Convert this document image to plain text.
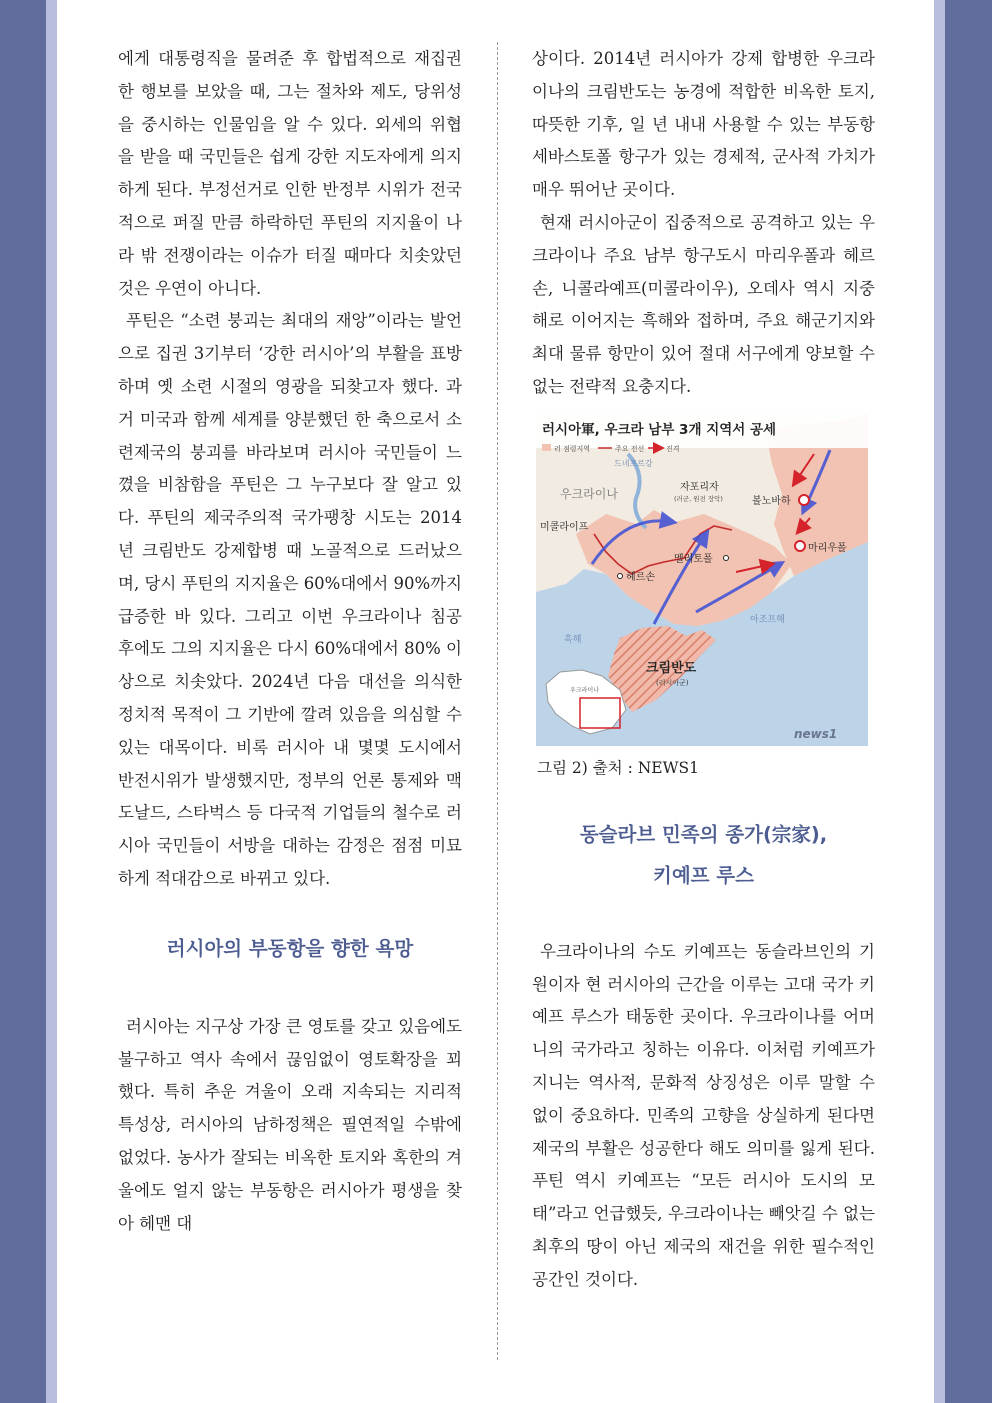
에게 대통령직을 물려준 후 합법적으로 재집권한 행보를 보았을 때, 그는 절차와 제도, 당위성을 중시하는 인물임을 알 수 있다. 외세의 위협을 받을 때 국민들은 쉽게 강한 지도자에게 의지하게 된다. 부정선거로 인한 반정부 시위가 전국적으로 퍼질 만큼 하락하던 푸틴의 지지율이 나라 밖 전쟁이라는 이슈가 터질 때마다 치솟았던 것은 우연이 아니다.

푸틴은 “소련 붕괴는 최대의 재앙”이라는 발언으로 집권 3기부터 ‘강한 러시아’의 부활을 표방하며 옛 소련 시절의 영광을 되찾고자 했다. 과거 미국과 함께 세계를 양분했던 한 축으로서 소련제국의 붕괴를 바라보며 러시아 국민들이 느꼈을 비참함을 푸틴은 그 누구보다 잘 알고 있다. 푸틴의 제국주의적 국가팽창 시도는 2014년 크림반도 강제합병 때 노골적으로 드러났으며, 당시 푸틴의 지지율은 60%대에서 90%까지 급증한 바 있다. 그리고 이번 우크라이나 침공 후에도 그의 지지율은 다시 60%대에서 80% 이상으로 치솟았다. 2024년 다음 대선을 의식한 정치적 목적이 그 기반에 깔려 있음을 의심할 수 있는 대목이다. 비록 러시아 내 몇몇 도시에서 반전시위가 발생했지만, 정부의 언론 통제와 맥도날드, 스타벅스 등 다국적 기업들의 철수로 러시아 국민들이 서방을 대하는 감정은 점점 미묘하게 적대감으로 바뀌고 있다.

러시아의 부동항을 향한 욕망

러시아는 지구상 가장 큰 영토를 갖고 있음에도 불구하고 역사 속에서 끊임없이 영토확장을 꾀했다. 특히 추운 겨울이 오래 지속되는 지리적 특성상, 러시아의 남하정책은 필연적일 수밖에 없었다. 농사가 잘되는 비옥한 토지와 혹한의 겨울에도 얼지 않는 부동항은 러시아가 평생을 찾아 헤맨 대

상이다. 2014년 러시아가 강제 합병한 우크라이나의 크림반도는 농경에 적합한 비옥한 토지, 따뜻한 기후, 일 년 내내 사용할 수 있는 부동항 세바스토폴 항구가 있는 경제적, 군사적 가치가 매우 뛰어난 곳이다.

현재 러시아군이 집중적으로 공격하고 있는 우크라이나 주요 남부 항구도시 마리우폴과 헤르손, 니콜라예프(미콜라이우), 오데사 역시 지중해로 이어지는 흑해와 접하며, 주요 해군기지와 최대 물류 항만이 있어 절대 서구에게 양보할 수 없는 전략적 요충지다.

러시아軍, 우크라 남부 3개 지역서 공세
러 점령지역	주요 전선	진격
드네프르강
우크라이나	자포리자
(러군, 원전 장악)	볼노바하
미콜라이프
멜리토폴
마리우폴
헤르손
아조프해
흑해
크림반도
(러시아군)
우크라이나
news1
그림 2) 출처 : NEWS1
동슬라브 민족의 종가(宗家),
키예프 루스

우크라이나의 수도 키예프는 동슬라브인의 기원이자 현 러시아의 근간을 이루는 고대 국가 키예프 루스가 태동한 곳이다. 우크라이나를 어머니의 국가라고 칭하는 이유다. 이처럼 키예프가 지니는 역사적, 문화적 상징성은 이루 말할 수 없이 중요하다. 민족의 고향을 상실하게 된다면 제국의 부활은 성공한다 해도 의미를 잃게 된다. 푸틴 역시 키예프는 “모든 러시아 도시의 모태”라고 언급했듯, 우크라이나는 빼앗길 수 없는 최후의 땅이 아닌 제국의 재건을 위한 필수적인 공간인 것이다.
